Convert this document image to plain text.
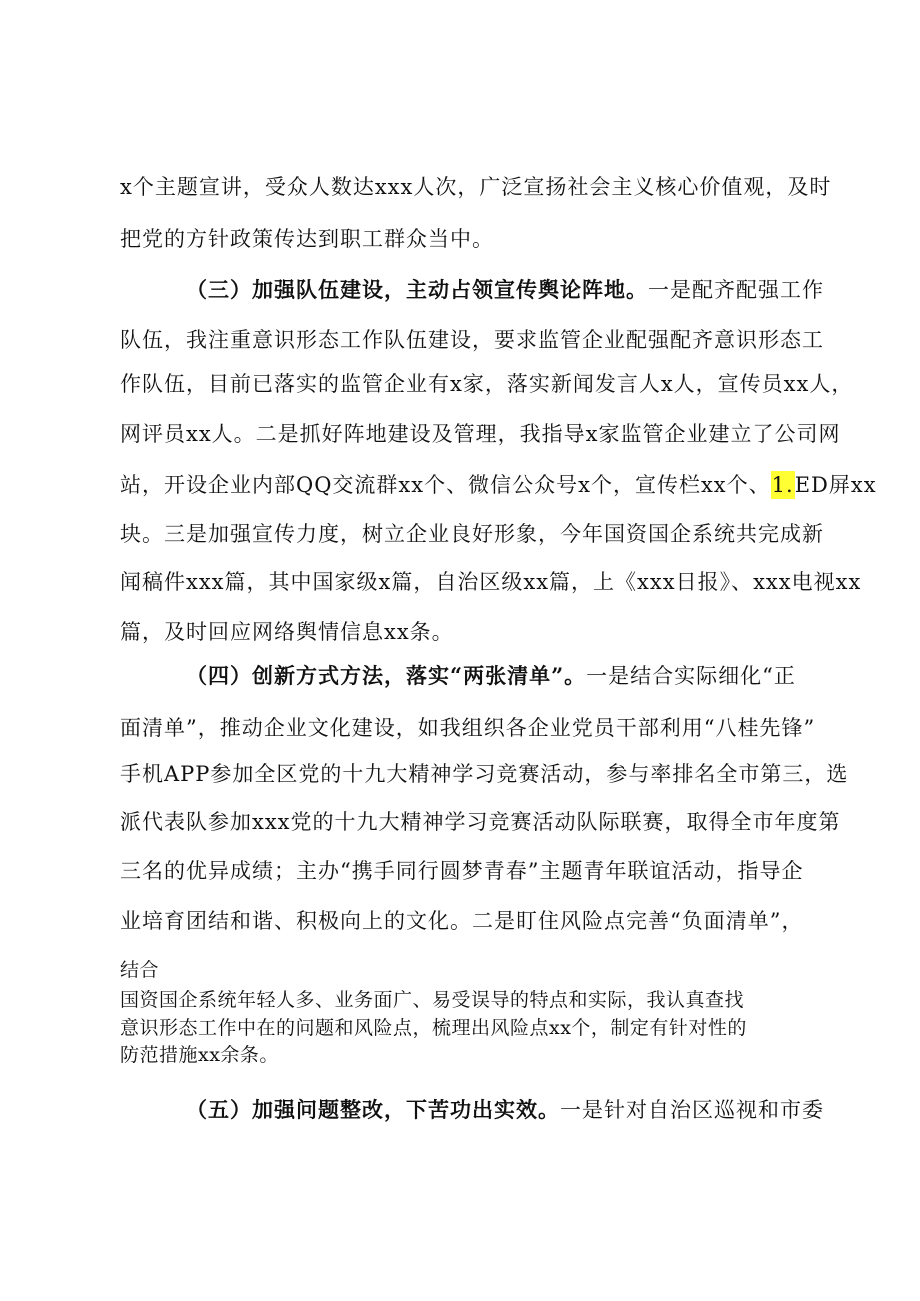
x个主题宣讲，受众人数达xxx人次，广泛宣扬社会主义核心价值观，及时
把党的方针政策传达到职工群众当中。
（三）加强队伍建设，主动占领宣传舆论阵地。一是配齐配强工作
队伍，我注重意识形态工作队伍建设，要求监管企业配强配齐意识形态工
作队伍，目前已落实的监管企业有x家，落实新闻发言人x人，宣传员xx人，
网评员xx人。二是抓好阵地建设及管理，我指导x家监管企业建立了公司网
站，开设企业内部QQ交流群xx个、微信公众号x个，宣传栏xx个、1.ED屏xx
块。三是加强宣传力度，树立企业良好形象，今年国资国企系统共完成新
闻稿件xxx篇，其中国家级x篇，自治区级xx篇，上《xxx日报》、xxx电视xx
篇，及时回应网络舆情信息xx条。
（四）创新方式方法，落实“两张清单”。一是结合实际细化“正
面清单”，推动企业文化建设，如我组织各企业党员干部利用“八桂先锋”
手机APP参加全区党的十九大精神学习竞赛活动，参与率排名全市第三，选
派代表队参加xxx党的十九大精神学习竞赛活动队际联赛，取得全市年度第
三名的优异成绩；主办“携手同行圆梦青春”主题青年联谊活动，指导企
业培育团结和谐、积极向上的文化。二是盯住风险点完善“负面清单”，
结合
国资国企系统年轻人多、业务面广、易受误导的特点和实际，我认真查找
意识形态工作中在的问题和风险点，梳理出风险点xx个，制定有针对性的
防范措施xx余条。
（五）加强问题整改，下苦功出实效。一是针对自治区巡视和市委
